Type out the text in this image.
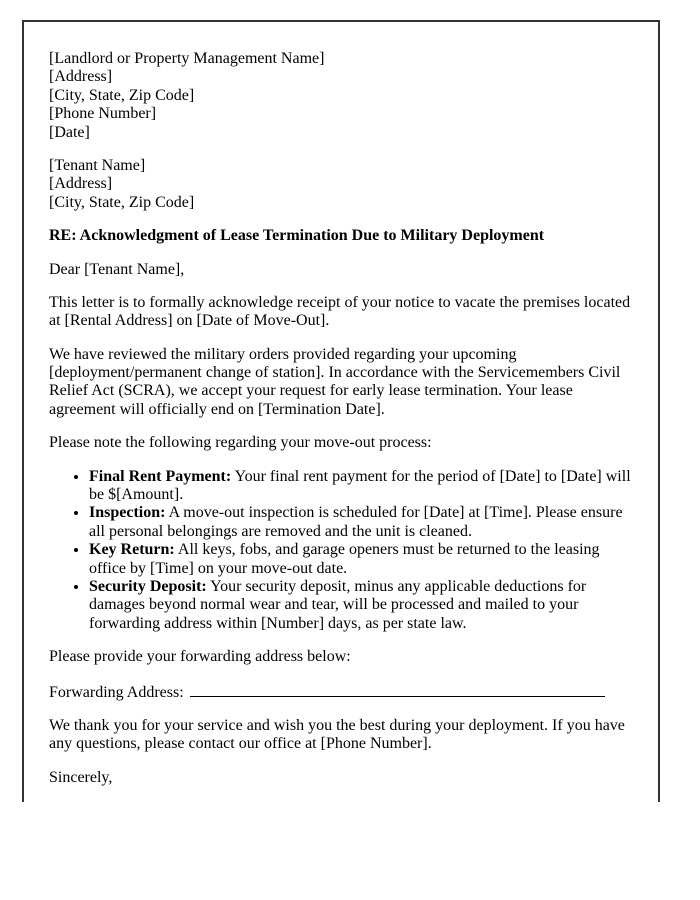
[Landlord or Property Management Name]
[Address]
[City, State, Zip Code]
[Phone Number]
[Date]

[Tenant Name]
[Address]
[City, State, Zip Code]

RE: Acknowledgment of Lease Termination Due to Military Deployment

Dear [Tenant Name],

This letter is to formally acknowledge receipt of your notice to vacate the premises located at [Rental Address] on [Date of Move-Out].

We have reviewed the military orders provided regarding your upcoming [deployment/permanent change of station]. In accordance with the Servicemembers Civil Relief Act (SCRA), we accept your request for early lease termination. Your lease agreement will officially end on [Termination Date].

Please note the following regarding your move-out process:

• Final Rent Payment: Your final rent payment for the period of [Date] to [Date] will be $[Amount].
• Inspection: A move-out inspection is scheduled for [Date] at [Time]. Please ensure all personal belongings are removed and the unit is cleaned.
• Key Return: All keys, fobs, and garage openers must be returned to the leasing office by [Time] on your move-out date.
• Security Deposit: Your security deposit, minus any applicable deductions for damages beyond normal wear and tear, will be processed and mailed to your forwarding address within [Number] days, as per state law.

Please provide your forwarding address below:

Forwarding Address:

We thank you for your service and wish you the best during your deployment. If you have any questions, please contact our office at [Phone Number].

Sincerely,
